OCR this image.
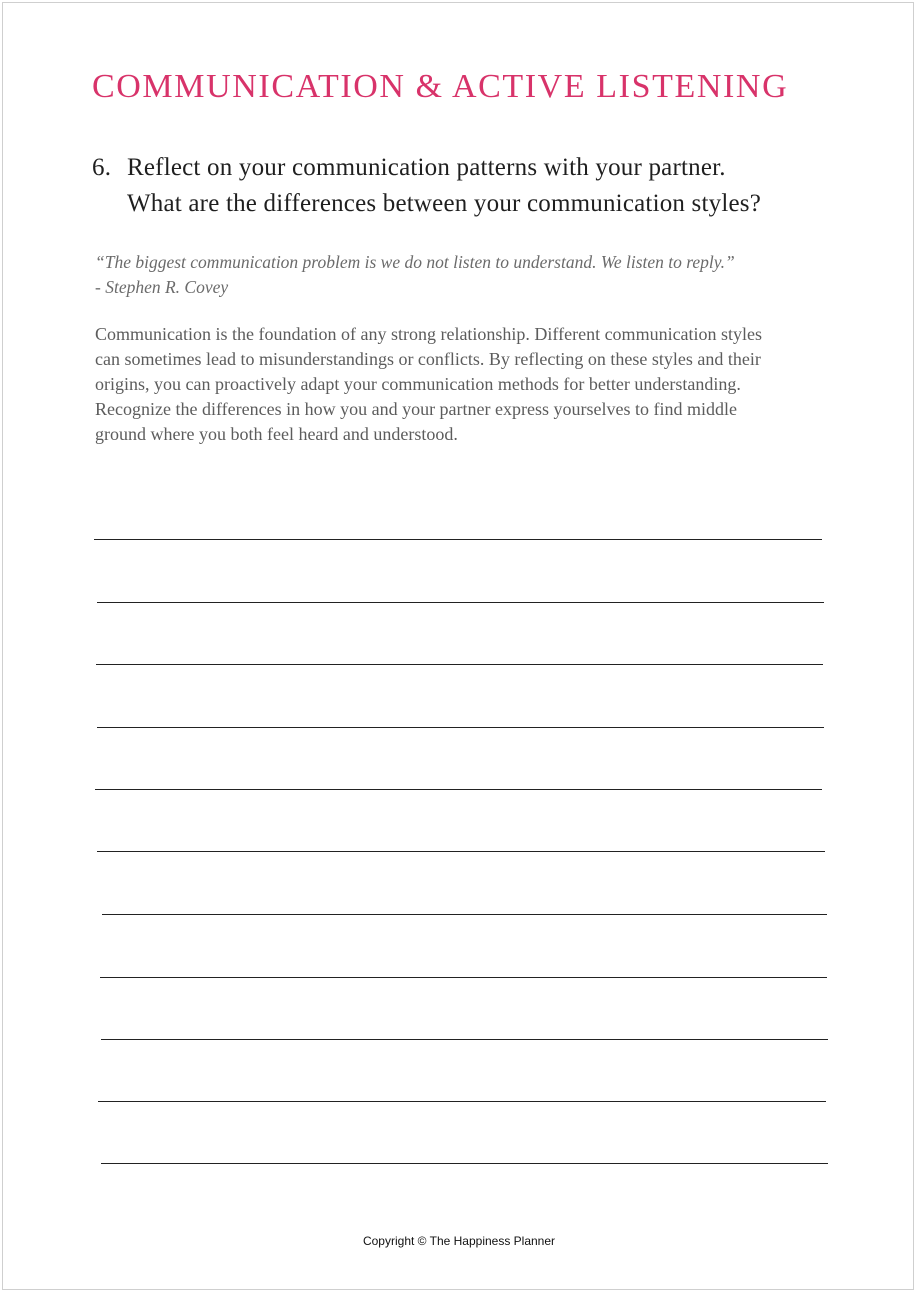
COMMUNICATION & ACTIVE LISTENING
6. Reflect on your communication patterns with your partner.
What are the differences between your communication styles?
“The biggest communication problem is we do not listen to understand. We listen to reply.”
- Stephen R. Covey

Communication is the foundation of any strong relationship. Different communication styles
can sometimes lead to misunderstandings or conflicts. By reflecting on these styles and their
origins, you can proactively adapt your communication methods for better understanding.
Recognize the differences in how you and your partner express yourselves to find middle
ground where you both feel heard and understood.

Copyright © The Happiness Planner
